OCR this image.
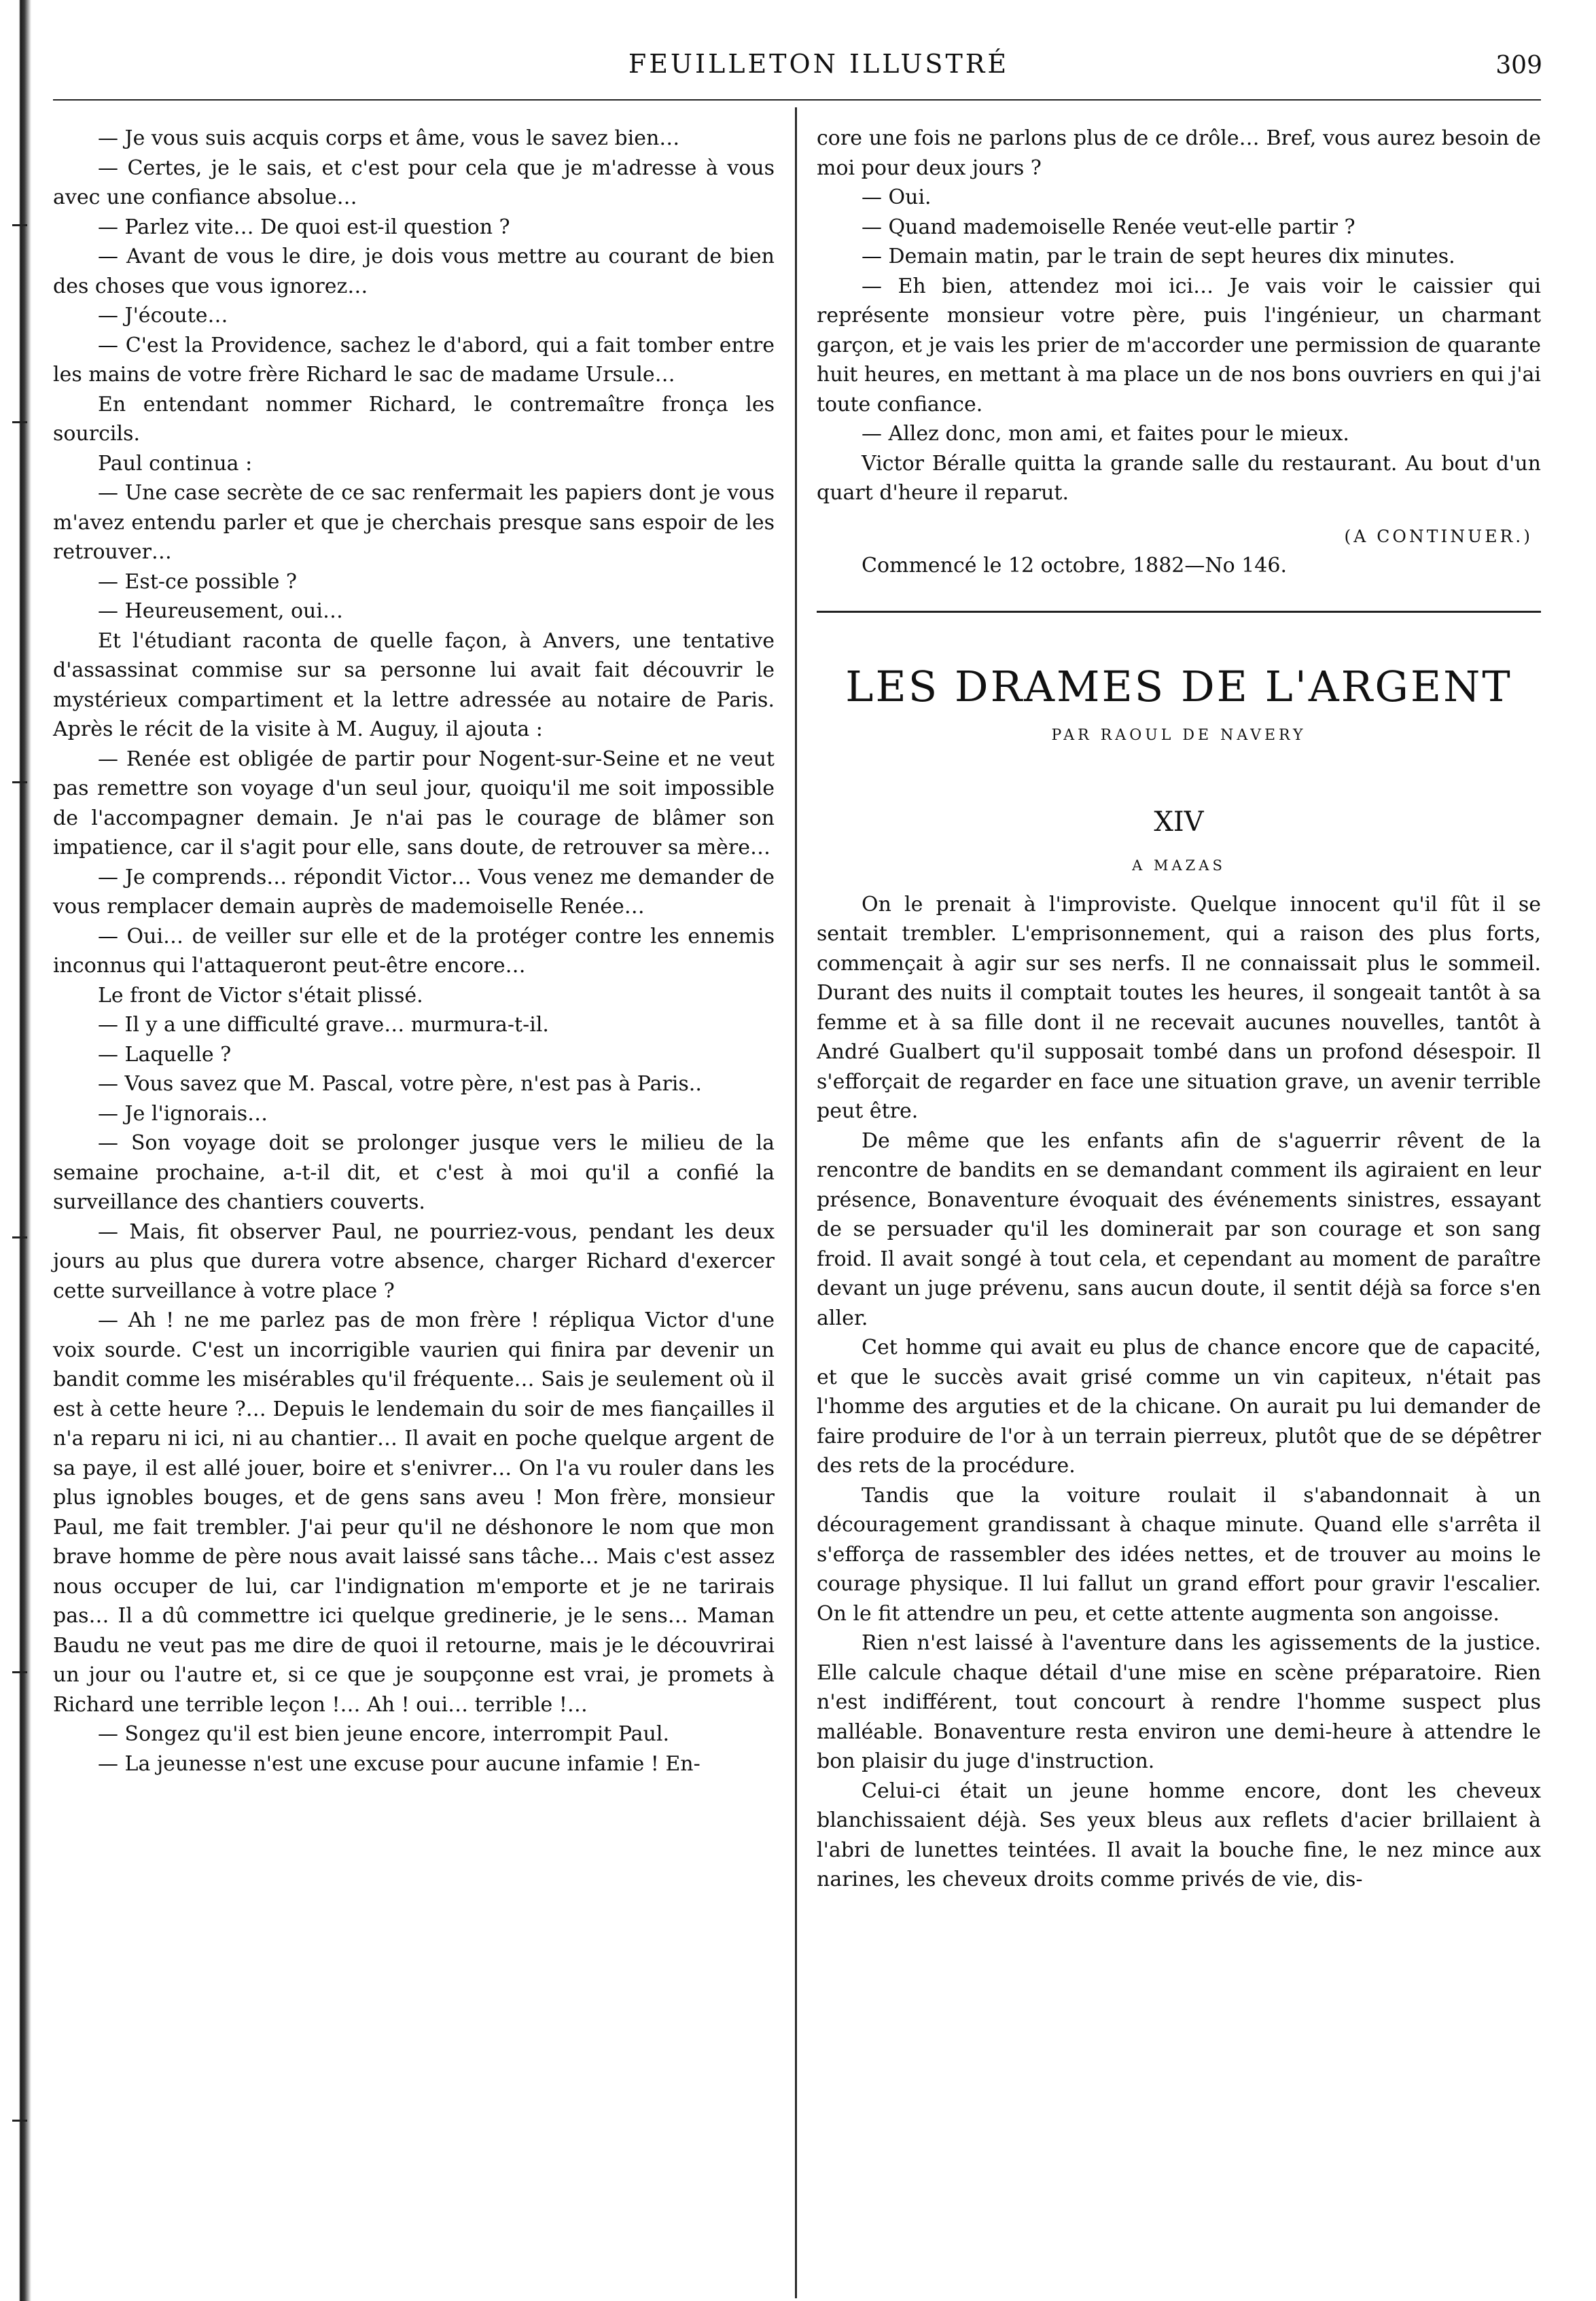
FEUILLETON ILLUSTRÉ	309

— Je vous suis acquis corps et âme, vous le savez bien…

— Certes, je le sais, et c'est pour cela que je m'adresse à vous avec une confiance absolue…

— Parlez vite… De quoi est-il question ?

— Avant de vous le dire, je dois vous mettre au courant de bien des choses que vous ignorez…

— J'écoute…

— C'est la Providence, sachez le d'abord, qui a fait tomber entre les mains de votre frère Richard le sac de madame Ursule…

En entendant nommer Richard, le contremaître fronça les sourcils.

Paul continua :

— Une case secrète de ce sac renfermait les papiers dont je vous m'avez entendu parler et que je cherchais presque sans espoir de les retrouver…

— Est-ce possible ?

— Heureusement, oui…

Et l'étudiant raconta de quelle façon, à Anvers, une tentative d'assassinat commise sur sa personne lui avait fait découvrir le mystérieux compartiment et la lettre adressée au notaire de Paris. Après le récit de la visite à M. Auguy, il ajouta :

— Renée est obligée de partir pour Nogent-sur-Seine et ne veut pas remettre son voyage d'un seul jour, quoiqu'il me soit impossible de l'accompagner demain. Je n'ai pas le courage de blâmer son impatience, car il s'agit pour elle, sans doute, de retrouver sa mère…

— Je comprends… répondit Victor… Vous venez me demander de vous remplacer demain auprès de mademoiselle Renée…

— Oui… de veiller sur elle et de la protéger contre les ennemis inconnus qui l'attaqueront peut-être encore…

Le front de Victor s'était plissé.

— Il y a une difficulté grave… murmura-t-il.

— Laquelle ?

— Vous savez que M. Pascal, votre père, n'est pas à Paris..

— Je l'ignorais…

— Son voyage doit se prolonger jusque vers le milieu de la semaine prochaine, a-t-il dit, et c'est à moi qu'il a confié la surveillance des chantiers couverts.

— Mais, fit observer Paul, ne pourriez-vous, pendant les deux jours au plus que durera votre absence, charger Richard d'exercer cette surveillance à votre place ?

— Ah ! ne me parlez pas de mon frère ! répliqua Victor d'une voix sourde. C'est un incorrigible vaurien qui finira par devenir un bandit comme les misérables qu'il fréquente… Sais je seulement où il est à cette heure ?… Depuis le lendemain du soir de mes fiançailles il n'a reparu ni ici, ni au chantier… Il avait en poche quelque argent de sa paye, il est allé jouer, boire et s'enivrer… On l'a vu rouler dans les plus ignobles bouges, et de gens sans aveu ! Mon frère, monsieur Paul, me fait trembler. J'ai peur qu'il ne déshonore le nom que mon brave homme de père nous avait laissé sans tâche… Mais c'est assez nous occuper de lui, car l'indignation m'emporte et je ne tarirais pas… Il a dû commettre ici quelque gredinerie, je le sens… Maman Baudu ne veut pas me dire de quoi il retourne, mais je le découvrirai un jour ou l'autre et, si ce que je soupçonne est vrai, je promets à Richard une terrible leçon !… Ah ! oui… terrible !…

— Songez qu'il est bien jeune encore, interrompit Paul.

— La jeunesse n'est une excuse pour aucune infamie ! En-

core une fois ne parlons plus de ce drôle… Bref, vous aurez besoin de moi pour deux jours ?

— Oui.

— Quand mademoiselle Renée veut-elle partir ?

— Demain matin, par le train de sept heures dix minutes.

— Eh bien, attendez moi ici… Je vais voir le caissier qui représente monsieur votre père, puis l'ingénieur, un charmant garçon, et je vais les prier de m'accorder une permission de quarante huit heures, en mettant à ma place un de nos bons ouvriers en qui j'ai toute confiance.

— Allez donc, mon ami, et faites pour le mieux.

Victor Béralle quitta la grande salle du restaurant. Au bout d'un quart d'heure il reparut.

(A CONTINUER.)

Commencé le 12 octobre, 1882—No 146.

LES DRAMES DE L'ARGENT
PAR RAOUL DE NAVERY
XIV
A MAZAS

On le prenait à l'improviste. Quelque innocent qu'il fût il se sentait trembler. L'emprisonnement, qui a raison des plus forts, commençait à agir sur ses nerfs. Il ne connaissait plus le sommeil. Durant des nuits il comptait toutes les heures, il songeait tantôt à sa femme et à sa fille dont il ne recevait aucunes nouvelles, tantôt à André Gualbert qu'il supposait tombé dans un profond désespoir. Il s'efforçait de regarder en face une situation grave, un avenir terrible peut être.

De même que les enfants afin de s'aguerrir rêvent de la rencontre de bandits en se demandant comment ils agiraient en leur présence, Bonaventure évoquait des événements sinistres, essayant de se persuader qu'il les dominerait par son courage et son sang froid. Il avait songé à tout cela, et cependant au moment de paraître devant un juge prévenu, sans aucun doute, il sentit déjà sa force s'en aller.

Cet homme qui avait eu plus de chance encore que de capacité, et que le succès avait grisé comme un vin capiteux, n'était pas l'homme des arguties et de la chicane. On aurait pu lui demander de faire produire de l'or à un terrain pierreux, plutôt que de se dépêtrer des rets de la procédure.

Tandis que la voiture roulait il s'abandonnait à un découragement grandissant à chaque minute. Quand elle s'arrêta il s'efforça de rassembler des idées nettes, et de trouver au moins le courage physique. Il lui fallut un grand effort pour gravir l'escalier. On le fit attendre un peu, et cette attente augmenta son angoisse.

Rien n'est laissé à l'aventure dans les agissements de la justice. Elle calcule chaque détail d'une mise en scène préparatoire. Rien n'est indifférent, tout concourt à rendre l'homme suspect plus malléable. Bonaventure resta environ une demi-heure à attendre le bon plaisir du juge d'instruction.

Celui-ci était un jeune homme encore, dont les cheveux blanchissaient déjà. Ses yeux bleus aux reflets d'acier brillaient à l'abri de lunettes teintées. Il avait la bouche fine, le nez mince aux narines, les cheveux droits comme privés de vie, dis-
